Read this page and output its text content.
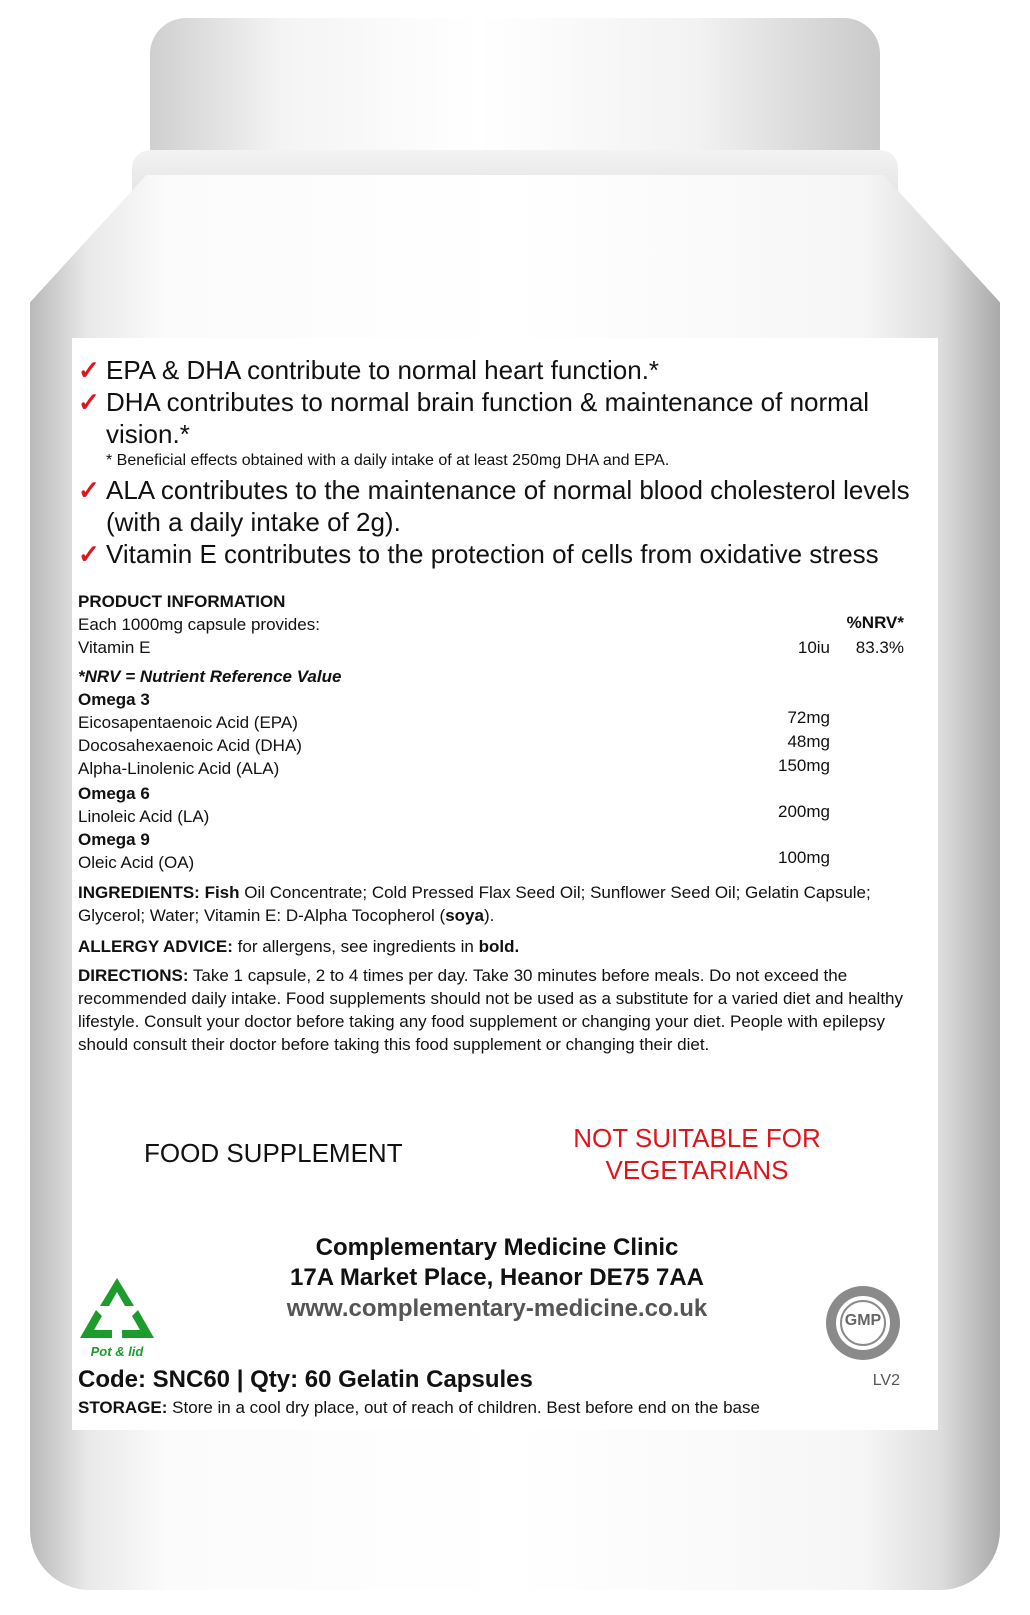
✓ EPA & DHA contribute to normal heart function.*
✓ DHA contributes to normal brain function & maintenance of normal vision.*
* Beneficial effects obtained with a daily intake of at least 250mg DHA and EPA.
✓ ALA contributes to the maintenance of normal blood cholesterol levels (with a daily intake of 2g).
✓ Vitamin E contributes to the protection of cells from oxidative stress
PRODUCT INFORMATION
Each 1000mg capsule provides:	%NRV*
Vitamin E	10iu 83.3%
*NRV = Nutrient Reference Value
Omega 3
Eicosapentaenoic Acid (EPA)	72mg
Docosahexaenoic Acid (DHA)	48mg
Alpha-Linolenic Acid (ALA)	150mg
Omega 6
Linoleic Acid (LA)	200mg
Omega 9
Oleic Acid (OA)	100mg
INGREDIENTS: Fish Oil Concentrate; Cold Pressed Flax Seed Oil; Sunflower Seed Oil; Gelatin Capsule; Glycerol; Water; Vitamin E: D-Alpha Tocopherol (soya).
ALLERGY ADVICE: for allergens, see ingredients in bold.
DIRECTIONS: Take 1 capsule, 2 to 4 times per day. Take 30 minutes before meals. Do not exceed the recommended daily intake. Food supplements should not be used as a substitute for a varied diet and healthy lifestyle. Consult your doctor before taking any food supplement or changing your diet. People with epilepsy should consult their doctor before taking this food supplement or changing their diet.
FOOD SUPPLEMENT	NOT SUITABLE FOR
VEGETARIANS
Complementary Medicine Clinic
17A Market Place, Heanor DE75 7AA
www.complementary-medicine.co.uk
Pot & lid
GMP
Code: SNC60 | Qty: 60 Gelatin Capsules	LV2
STORAGE: Store in a cool dry place, out of reach of children. Best before end on the base
